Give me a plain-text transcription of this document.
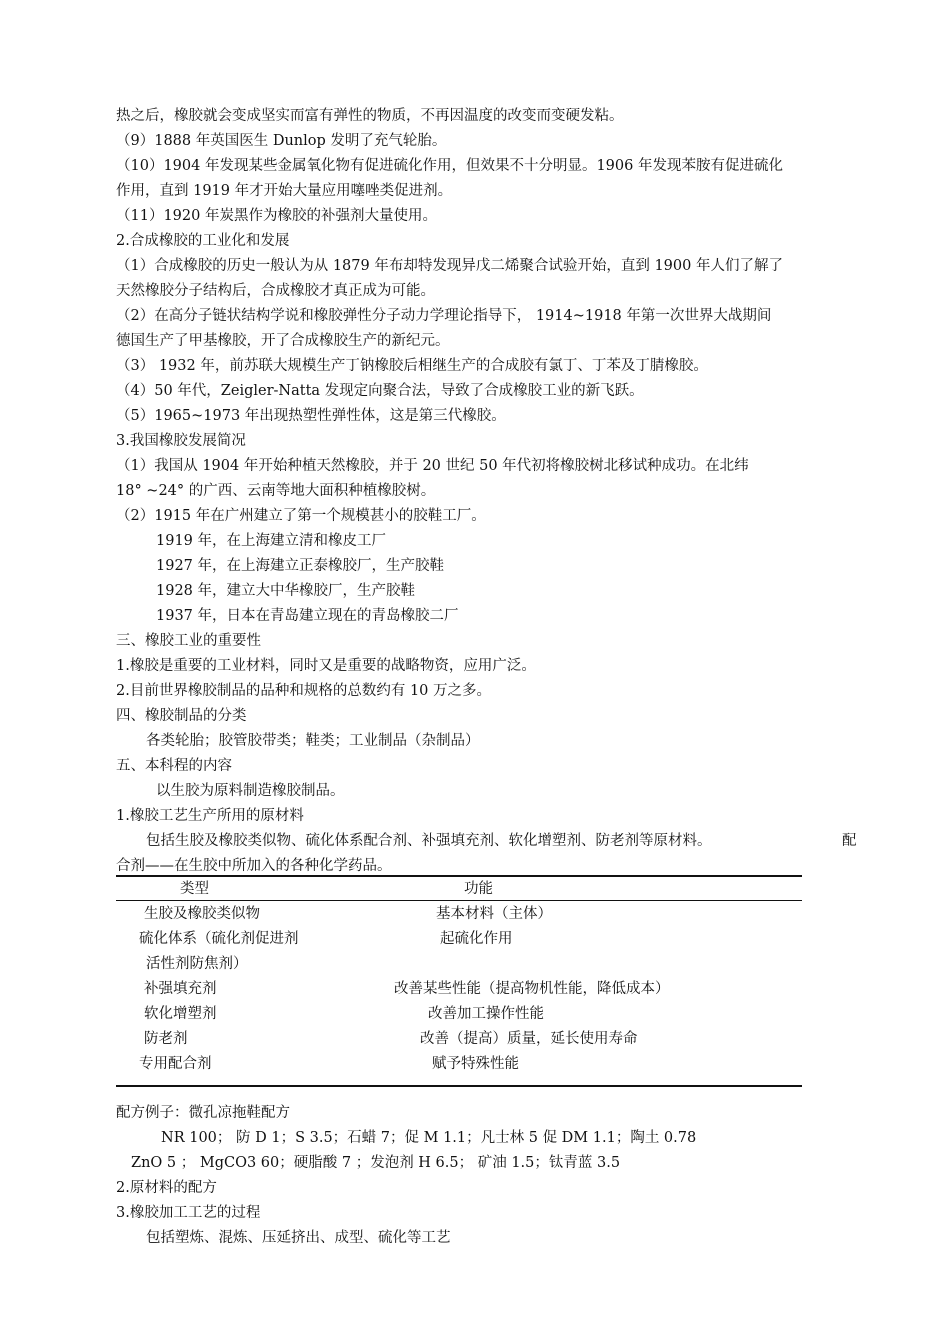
热之后，橡胶就会变成坚实而富有弹性的物质，不再因温度的改变而变硬发粘。
（9）1888 年英国医生 Dunlop 发明了充气轮胎。
（10）1904 年发现某些金属氧化物有促进硫化作用，但效果不十分明显。1906 年发现苯胺有促进硫化
作用，直到 1919 年才开始大量应用噻唑类促进剂。
（11）1920 年炭黑作为橡胶的补强剂大量使用。
2.合成橡胶的工业化和发展
（1）合成橡胶的历史一般认为从 1879 年布却特发现异戊二烯聚合试验开始，直到 1900 年人们了解了
天然橡胶分子结构后，合成橡胶才真正成为可能。
（2）在高分子链状结构学说和橡胶弹性分子动力学理论指导下， 1914~1918 年第一次世界大战期间
德国生产了甲基橡胶，开了合成橡胶生产的新纪元。
（3） 1932 年，前苏联大规模生产丁钠橡胶后相继生产的合成胶有氯丁、丁苯及丁腈橡胶。
（4）50 年代，Zeigler-Natta 发现定向聚合法，导致了合成橡胶工业的新飞跃。
（5）1965~1973 年出现热塑性弹性体，这是第三代橡胶。
3.我国橡胶发展简况
（1）我国从 1904 年开始种植天然橡胶，并于 20 世纪 50 年代初将橡胶树北移试种成功。在北纬
18° ~24° 的广西、云南等地大面积种植橡胶树。
（2）1915 年在广州建立了第一个规模甚小的胶鞋工厂。
1919 年，在上海建立清和橡皮工厂
1927 年，在上海建立正泰橡胶厂，生产胶鞋
1928 年，建立大中华橡胶厂，生产胶鞋
1937 年，日本在青岛建立现在的青岛橡胶二厂
三、橡胶工业的重要性
1.橡胶是重要的工业材料，同时又是重要的战略物资，应用广泛。
2.目前世界橡胶制品的品种和规格的总数约有 10 万之多。
四、橡胶制品的分类
各类轮胎；胶管胶带类；鞋类；工业制品（杂制品）
五、本科程的内容
以生胶为原料制造橡胶制品。
1.橡胶工艺生产所用的原材料
包括生胶及橡胶类似物、硫化体系配合剂、补强填充剂、软化增塑剂、防老剂等原材料。	配
合剂——在生胶中所加入的各种化学药品。
类型	功能
生胶及橡胶类似物	基本材料（主体）
硫化体系（硫化剂促进剂	起硫化作用
活性剂防焦剂）
补强填充剂	改善某些性能（提高物机性能，降低成本）
软化增塑剂	改善加工操作性能
防老剂	改善（提高）质量，延长使用寿命
专用配合剂	赋予特殊性能
配方例子：微孔凉拖鞋配方
NR 100； 防 D 1；S 3.5；石蜡 7；促 M 1.1；凡士林 5 促 DM 1.1；陶土 0.78
ZnO 5 ； MgCO3 60；硬脂酸 7 ；发泡剂 H 6.5； 矿油 1.5；钛青蓝 3.5
2.原材料的配方
3.橡胶加工工艺的过程
包括塑炼、混炼、压延挤出、成型、硫化等工艺
